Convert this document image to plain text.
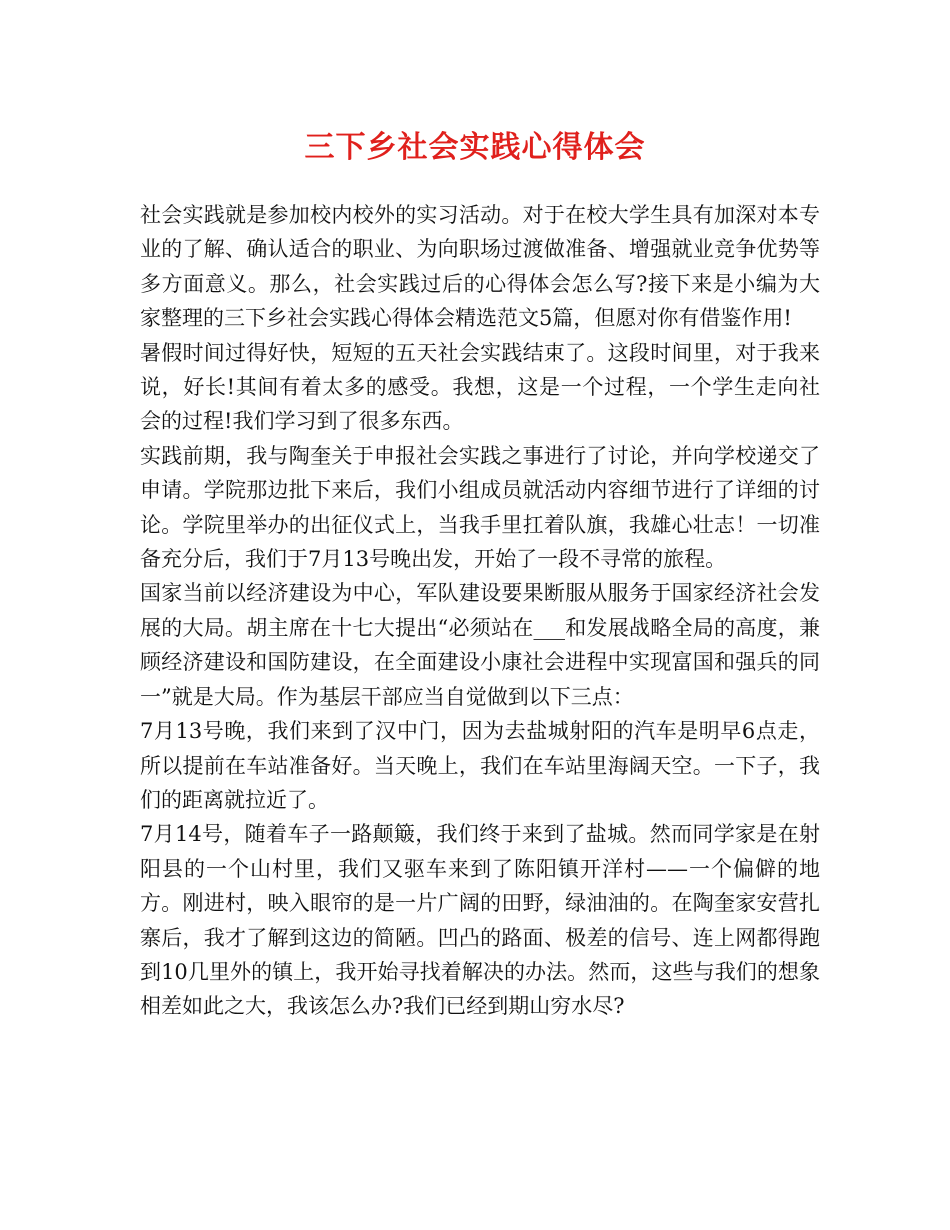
三下乡社会实践心得体会

社会实践就是参加校内校外的实习活动。对于在校大学生具有加深对本专业的了解、确认适合的职业、为向职场过渡做准备、增强就业竞争优势等多方面意义。那么，社会实践过后的心得体会怎么写?接下来是小编为大家整理的三下乡社会实践心得体会精选范文5篇，但愿对你有借鉴作用!

暑假时间过得好快，短短的五天社会实践结束了。这段时间里，对于我来说，好长!其间有着太多的感受。我想，这是一个过程，一个学生走向社会的过程!我们学习到了很多东西。

实践前期，我与陶奎关于申报社会实践之事进行了讨论，并向学校递交了申请。学院那边批下来后，我们小组成员就活动内容细节进行了详细的讨论。学院里举办的出征仪式上，当我手里扛着队旗，我雄心壮志！一切准备充分后，我们于7月13号晚出发，开始了一段不寻常的旅程。

国家当前以经济建设为中心，军队建设要果断服从服务于国家经济社会发展的大局。胡主席在十七大提出“必须站在___和发展战略全局的高度，兼顾经济建设和国防建设，在全面建设小康社会进程中实现富国和强兵的同一”就是大局。作为基层干部应当自觉做到以下三点：

7月13号晚，我们来到了汉中门，因为去盐城射阳的汽车是明早6点走，所以提前在车站准备好。当天晚上，我们在车站里海阔天空。一下子，我们的距离就拉近了。

7月14号，随着车子一路颠簸，我们终于来到了盐城。然而同学家是在射阳县的一个山村里，我们又驱车来到了陈阳镇开洋村——一个偏僻的地方。刚进村，映入眼帘的是一片广阔的田野，绿油油的。在陶奎家安营扎寨后，我才了解到这边的简陋。凹凸的路面、极差的信号、连上网都得跑到10几里外的镇上，我开始寻找着解决的办法。然而，这些与我们的想象相差如此之大，我该怎么办?我们已经到期山穷水尽?
